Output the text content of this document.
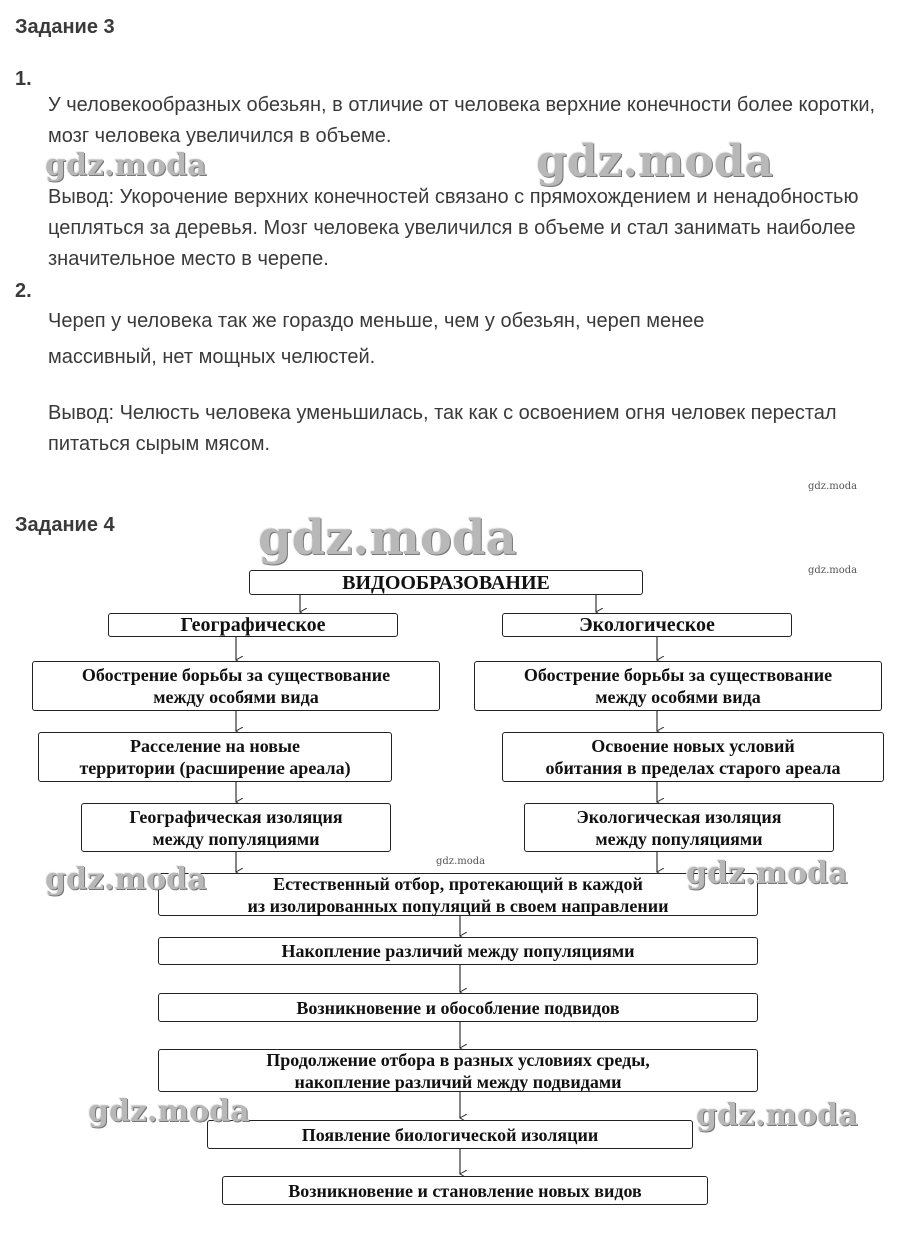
Задание 3
1.

У человекообразных обезьян, в отличие от человека верхние конечности более коротки, мозг человека увеличился в объеме.

Вывод: Укорочение верхних конечностей связано с прямохождением и ненадобностью цепляться за деревья. Мозг человека увеличился в объеме и стал занимать наиболее значительное место в черепе.

2.

Череп у человека так же гораздо меньше, чем у обезьян, череп менее массивный, нет мощных челюстей.

Вывод: Челюсть человека уменьшилась, так как с освоением огня человек перестал питаться сырым мясом.

Задание 4
ВИДООБРАЗОВАНИЕ
Географическое	Экологическое
Обострение борьбы за существование
между особями вида
Обострение борьбы за существование
между особями вида
Расселение на новые
территории (расширение ареала)
Освоение новых условий
обитания в пределах старого ареала
Географическая изоляция
между популяциями
Экологическая изоляция
между популяциями
Естественный отбор, протекающий в каждой
из изолированных популяций в своем направлении
Накопление различий между популяциями
Возникновение и обособление подвидов
Продолжение отбора в разных условиях среды,
накопление различий между подвидами
Появление биологической изоляции
Возникновение и становление новых видов
gdz.moda	gdz.moda
gdz.moda
gdz.moda	gdz.moda
gdz.moda	gdz.moda
gdz.moda
gdz.moda
gdz.moda
